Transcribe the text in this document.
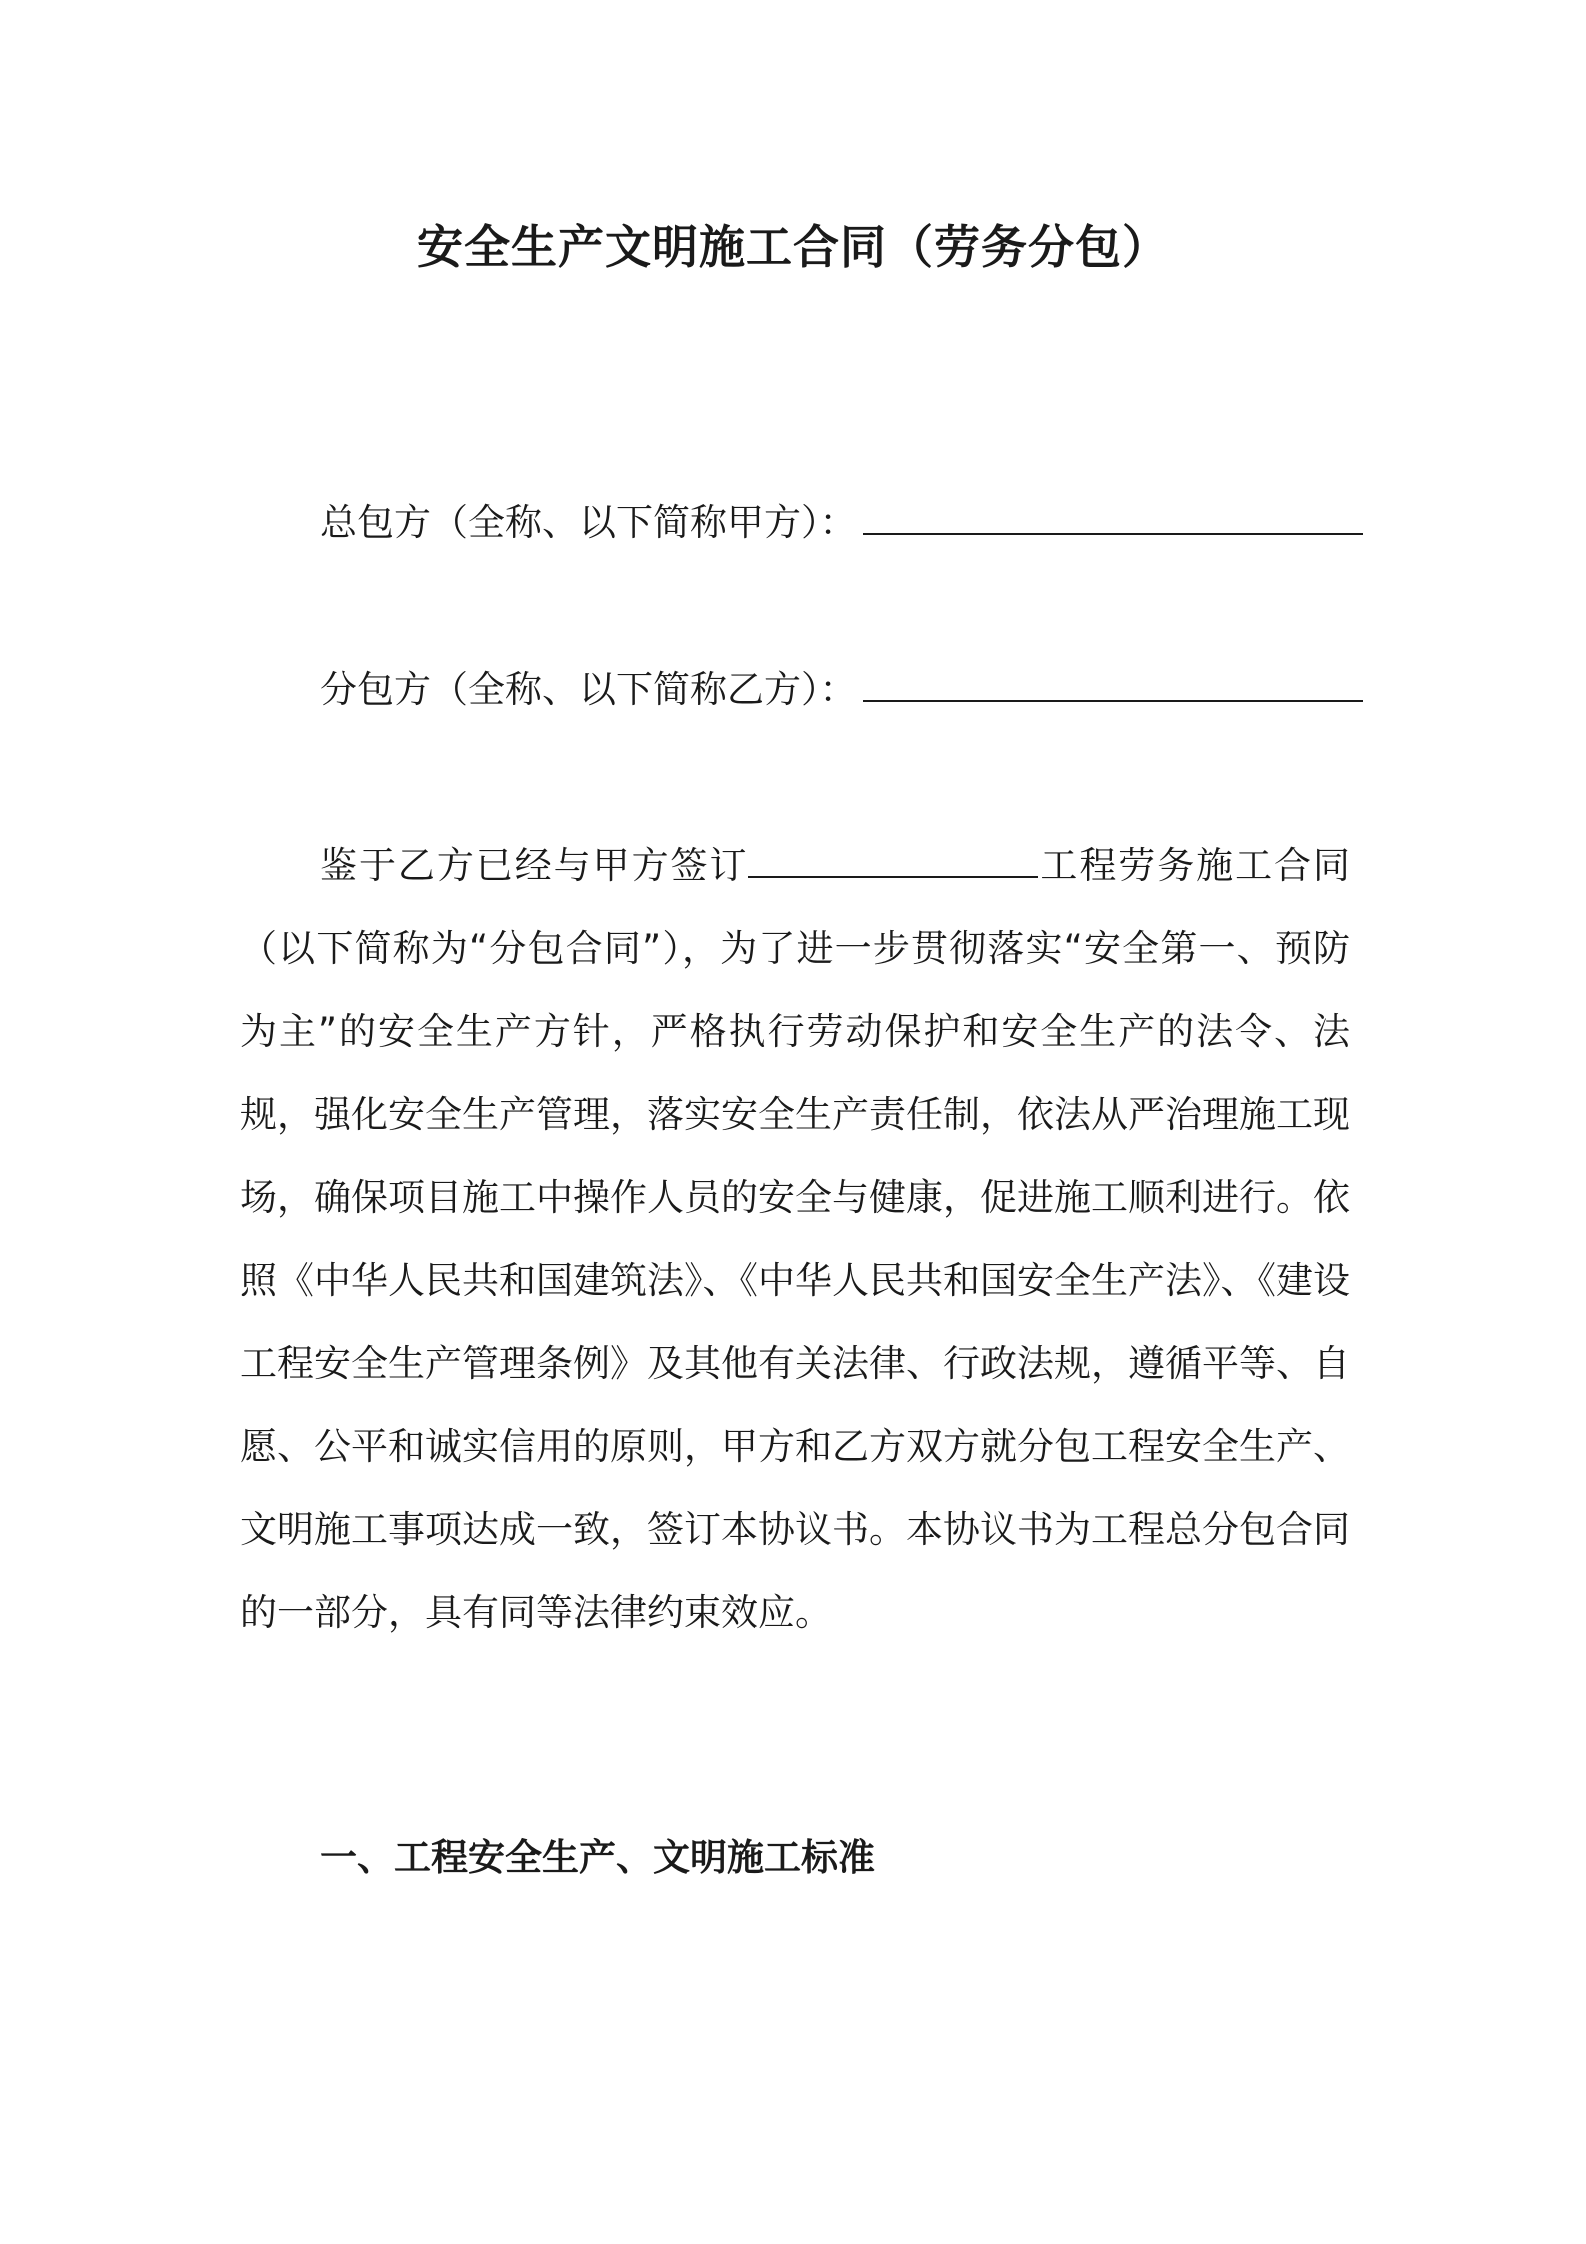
安全生产文明施工合同（劳务分包）
总包方（全称、以下简称甲方）：
分包方（全称、以下简称乙方）：

鉴于乙方已经与甲方签订	工程劳务施工合同（以下简称为“分包合同”），为了进一步贯彻落实“安全第一、预防为主”的安全生产方针，严格执行劳动保护和安全生产的法令、法规，强化安全生产管理，落实安全生产责任制，依法从严治理施工现场，确保项目施工中操作人员的安全与健康，促进施工顺利进行。依照《中华人民共和国建筑法》、《中华人民共和国安全生产法》、《建设工程安全生产管理条例》及其他有关法律、行政法规，遵循平等、自愿、公平和诚实信用的原则，甲方和乙方双方就分包工程安全生产、文明施工事项达成一致，签订本协议书。本协议书为工程总分包合同的一部分，具有同等法律约束效应。

一、工程安全生产、文明施工标准
